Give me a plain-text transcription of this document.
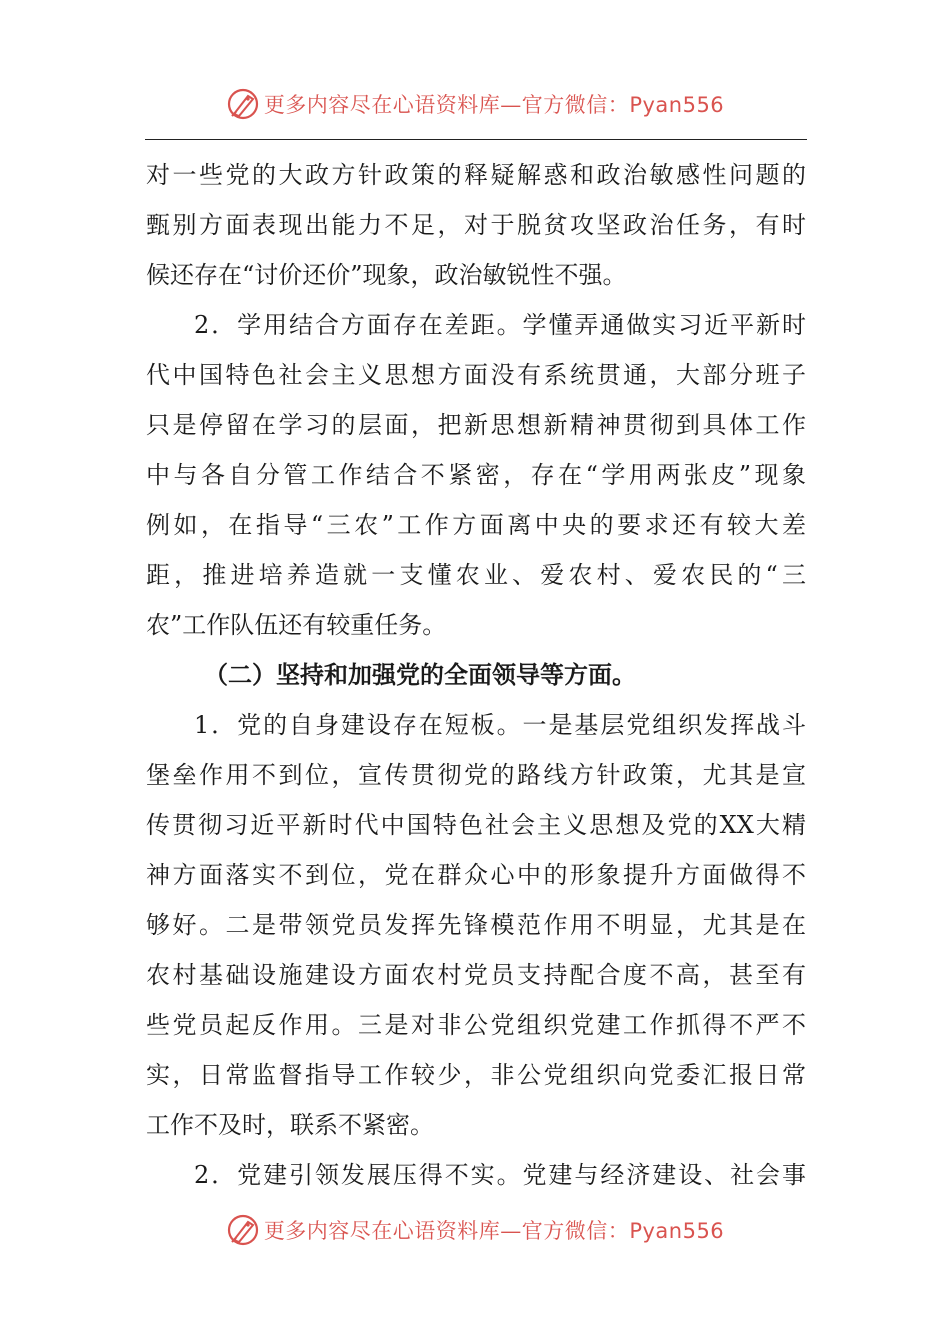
更多内容尽在心语资料库—官方微信：Pyan556
对一些党的大政方针政策的释疑解惑和政治敏感性问题的
甄别方面表现出能力不足，对于脱贫攻坚政治任务，有时
候还存在“讨价还价”现象，政治敏锐性不强。
2．学用结合方面存在差距。学懂弄通做实习近平新时
代中国特色社会主义思想方面没有系统贯通，大部分班子
只是停留在学习的层面，把新思想新精神贯彻到具体工作
中与各自分管工作结合不紧密，存在“学用两张皮”现象
例如，在指导“三农”工作方面离中央的要求还有较大差
距，推进培养造就一支懂农业、爱农村、爱农民的“三
农”工作队伍还有较重任务。
（二）坚持和加强党的全面领导等方面。
1．党的自身建设存在短板。一是基层党组织发挥战斗
堡垒作用不到位，宣传贯彻党的路线方针政策，尤其是宣
传贯彻习近平新时代中国特色社会主义思想及党的XX大精
神方面落实不到位，党在群众心中的形象提升方面做得不
够好。二是带领党员发挥先锋模范作用不明显，尤其是在
农村基础设施建设方面农村党员支持配合度不高，甚至有
些党员起反作用。三是对非公党组织党建工作抓得不严不
实，日常监督指导工作较少，非公党组织向党委汇报日常
工作不及时，联系不紧密。
2．党建引领发展压得不实。党建与经济建设、社会事
更多内容尽在心语资料库—官方微信：Pyan556
